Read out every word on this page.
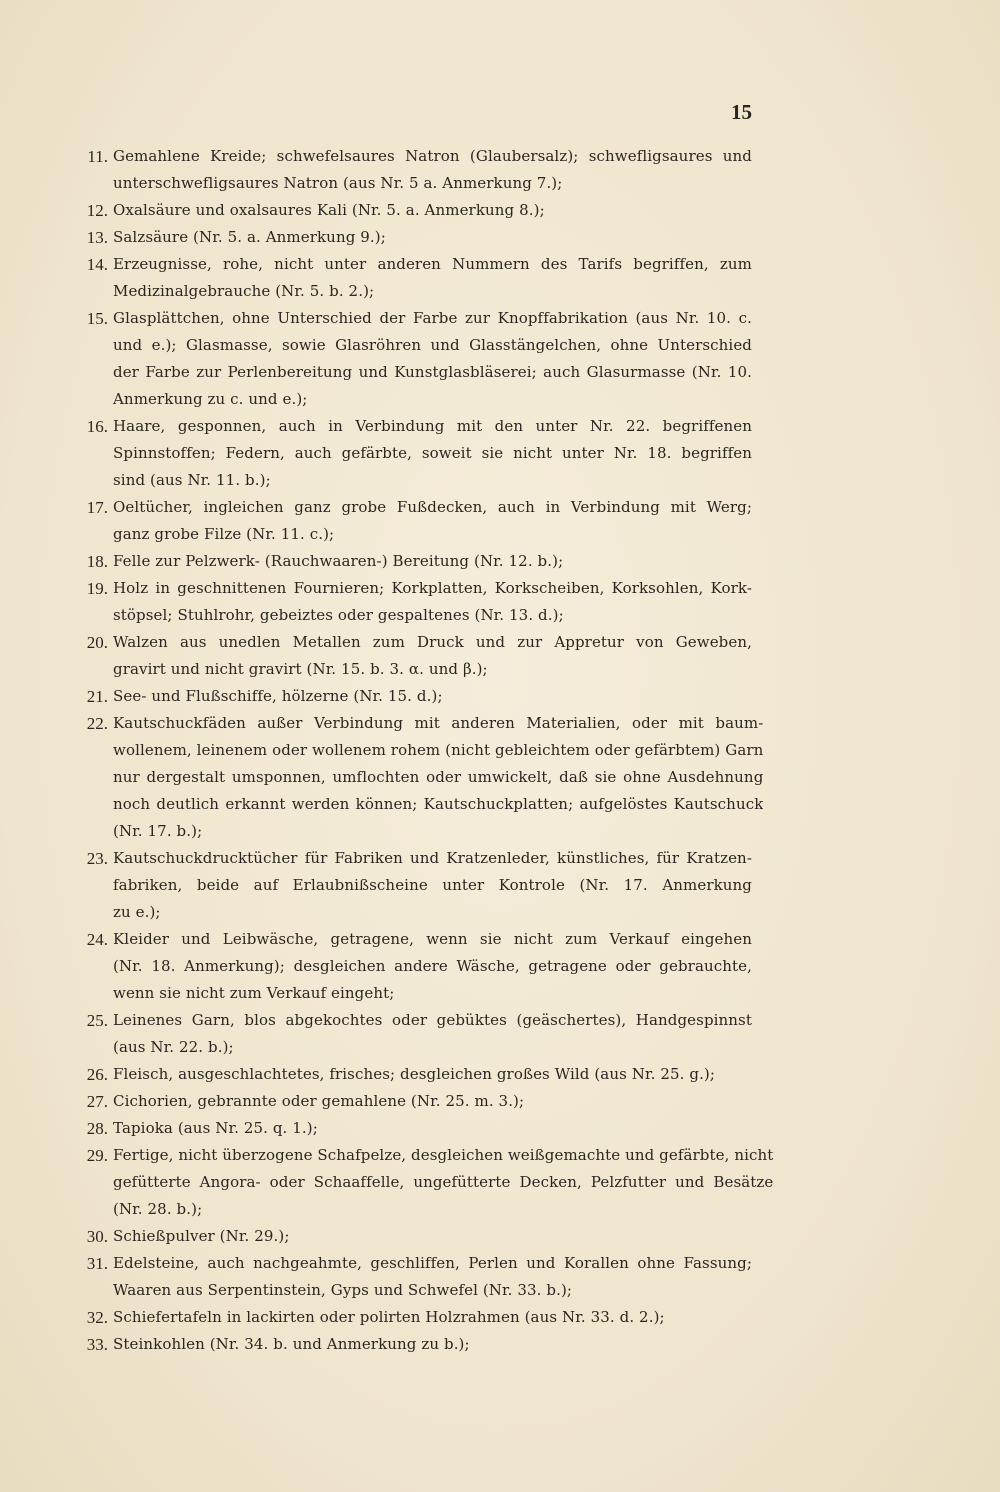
15
11. Gemahlene Kreide; schwefelsaures Natron (Glaubersalz); schwefligsaures und
unterschwefligsaures Natron (aus Nr. 5 a. Anmerkung 7.);
12. Oxalsäure und oxalsaures Kali (Nr. 5. a. Anmerkung 8.);
13. Salzsäure (Nr. 5. a. Anmerkung 9.);
14. Erzeugnisse, rohe, nicht unter anderen Nummern des Tarifs begriffen, zum
Medizinalgebrauche (Nr. 5. b. 2.);
15. Glasplättchen, ohne Unterschied der Farbe zur Knopffabrikation (aus Nr. 10. c.
und e.); Glasmasse, sowie Glasröhren und Glasstängelchen, ohne Unterschied
der Farbe zur Perlenbereitung und Kunstglasbläserei; auch Glasurmasse (Nr. 10.
Anmerkung zu c. und e.);
16. Haare, gesponnen, auch in Verbindung mit den unter Nr. 22. begriffenen
Spinnstoffen; Federn, auch gefärbte, soweit sie nicht unter Nr. 18. begriffen
sind (aus Nr. 11. b.);
17. Oeltücher, ingleichen ganz grobe Fußdecken, auch in Verbindung mit Werg;
ganz grobe Filze (Nr. 11. c.);
18. Felle zur Pelzwerk- (Rauchwaaren-) Bereitung (Nr. 12. b.);
19. Holz in geschnittenen Fournieren; Korkplatten, Korkscheiben, Korksohlen, Kork-
stöpsel; Stuhlrohr, gebeiztes oder gespaltenes (Nr. 13. d.);
20. Walzen aus unedlen Metallen zum Druck und zur Appretur von Geweben,
gravirt und nicht gravirt (Nr. 15. b. 3. α. und β.);
21. See- und Flußschiffe, hölzerne (Nr. 15. d.);
22. Kautschuckfäden außer Verbindung mit anderen Materialien, oder mit baum-
wollenem, leinenem oder wollenem rohem (nicht gebleichtem oder gefärbtem) Garn
nur dergestalt umsponnen, umflochten oder umwickelt, daß sie ohne Ausdehnung
noch deutlich erkannt werden können; Kautschuckplatten; aufgelöstes Kautschuck
(Nr. 17. b.);
23. Kautschuckdrucktücher für Fabriken und Kratzenleder, künstliches, für Kratzen-
fabriken, beide auf Erlaubnißscheine unter Kontrole (Nr. 17. Anmerkung
zu e.);
24. Kleider und Leibwäsche, getragene, wenn sie nicht zum Verkauf eingehen
(Nr. 18. Anmerkung); desgleichen andere Wäsche, getragene oder gebrauchte,
wenn sie nicht zum Verkauf eingeht;
25. Leinenes Garn, blos abgekochtes oder gebüktes (geäschertes), Handgespinnst
(aus Nr. 22. b.);
26. Fleisch, ausgeschlachtetes, frisches; desgleichen großes Wild (aus Nr. 25. g.);
27. Cichorien, gebrannte oder gemahlene (Nr. 25. m. 3.);
28. Tapioka (aus Nr. 25. q. 1.);
29. Fertige, nicht überzogene Schafpelze, desgleichen weißgemachte und gefärbte, nicht
gefütterte Angora- oder Schaaffelle, ungefütterte Decken, Pelzfutter und Besätze
(Nr. 28. b.);
30. Schießpulver (Nr. 29.);
31. Edelsteine, auch nachgeahmte, geschliffen, Perlen und Korallen ohne Fassung;
Waaren aus Serpentinstein, Gyps und Schwefel (Nr. 33. b.);
32. Schiefertafeln in lackirten oder polirten Holzrahmen (aus Nr. 33. d. 2.);
33. Steinkohlen (Nr. 34. b. und Anmerkung zu b.);
